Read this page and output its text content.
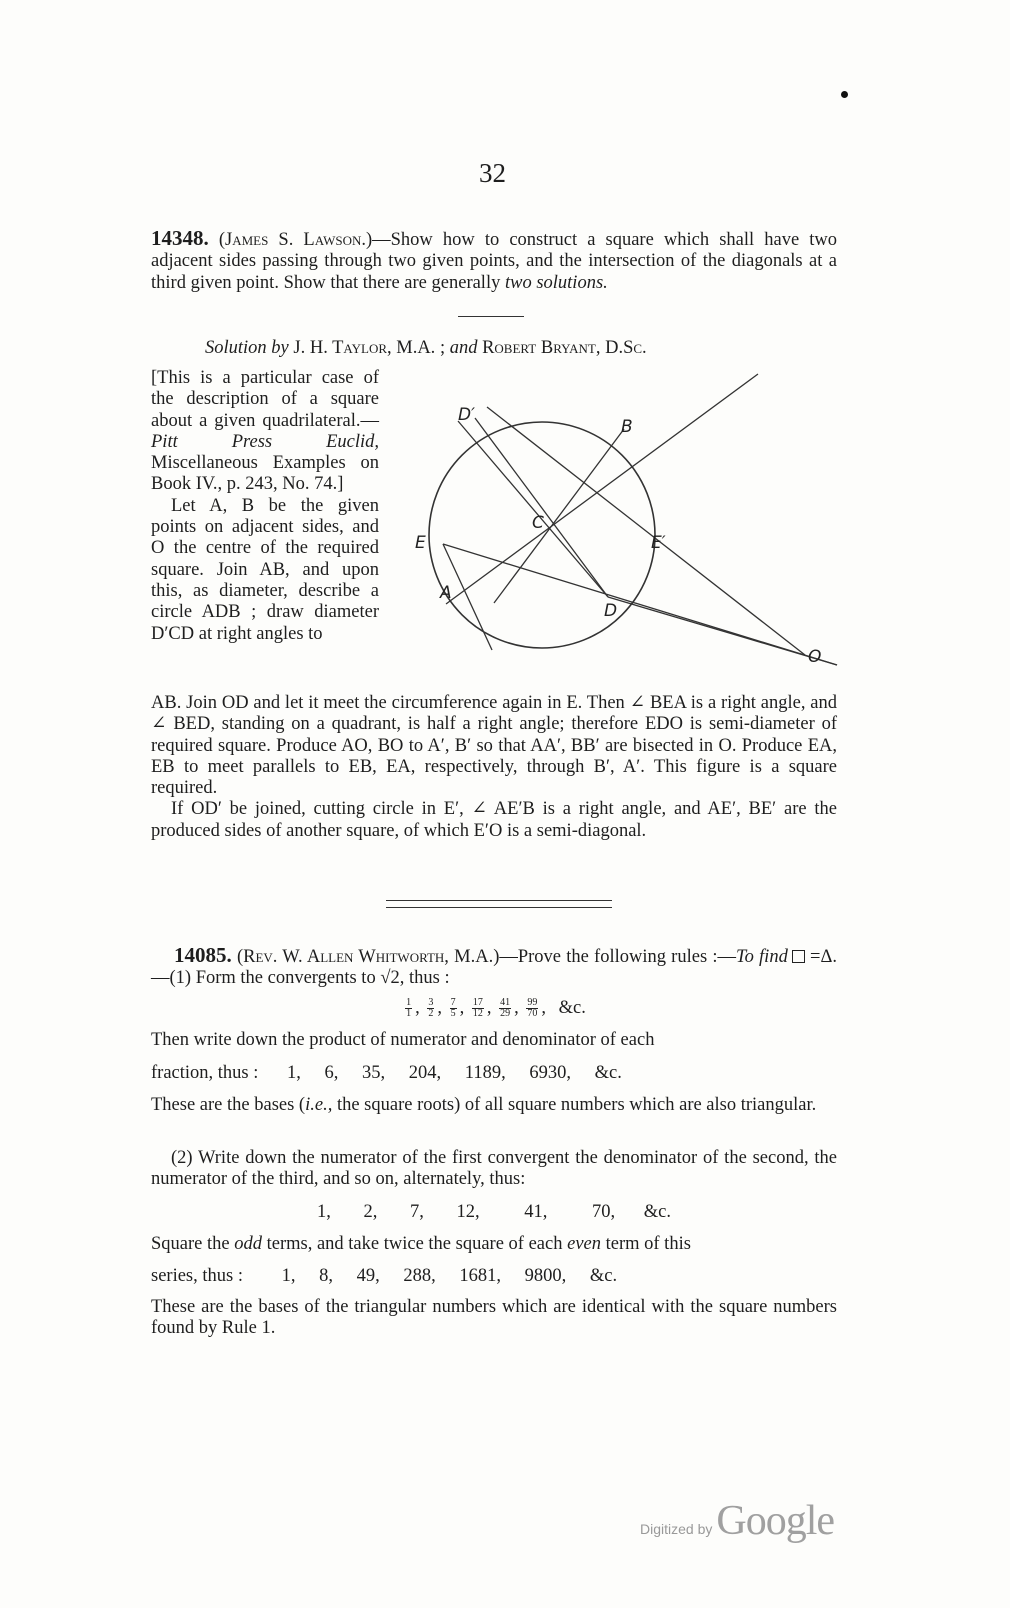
32
14348. (James S. Lawson.)—Show how to construct a square which shall have two adjacent sides passing through two given points, and the intersection of the diagonals at a third given point. Show that there are generally two solutions.
Solution by J. H. Taylor, M.A. ; and Robert Bryant, D.Sc.

[This is a particular case of the description of a square about a given quadrilateral.—Pitt Press Euclid, Miscellaneous Examples on Book IV., p. 243, No. 74.]

Let A, B be the given points on adjacent sides, and O the centre of the required square. Join AB, and upon this, as diameter, describe a circle ADB ; draw diameter D′CD at right angles to

D′
B
C
E	E′
A
D
O

AB. Join OD and let it meet the circumference again in E. Then ∠ BEA is a right angle, and ∠ BED, standing on a quadrant, is half a right angle; therefore EDO is semi-diameter of required square. Produce AO, BO to A′, B′ so that AA′, BB′ are bisected in O. Produce EA, EB to meet parallels to EB, EA, respectively, through B′, A′. This figure is a square required.

If OD′ be joined, cutting circle in E′, ∠ AE′B is a right angle, and AE′, BE′ are the produced sides of another square, of which E′O is a semi-diagonal.

14085. (Rev. W. Allen Whitworth, M.A.)—Prove the following rules :—To find =Δ.—(1) Form the convergents to √2, thus :
$\frac{1}{1}$ , $\frac{3}{2}$ , $\frac{7}{5}$ , $\frac{17}{12}$ , $\frac{41}{29}$ , $\frac{99}{70}$ , &c.
Then write down the product of numerator and denominator of each
fraction, thus : 1, 6, 35, 204, 1189, 6930, &c.
These are the bases (i.e., the square roots) of all square numbers which are also triangular.
(2) Write down the numerator of the first convergent the denominator of the second, the numerator of the third, and so on, alternately, thus:
1, 2, 7, 12, 41, 70, &c.
Square the odd terms, and take twice the square of each even term of this
series, thus : 1, 8, 49, 288, 1681, 9800, &c.
These are the bases of the triangular numbers which are identical with the square numbers found by Rule 1.
Digitized by Google
